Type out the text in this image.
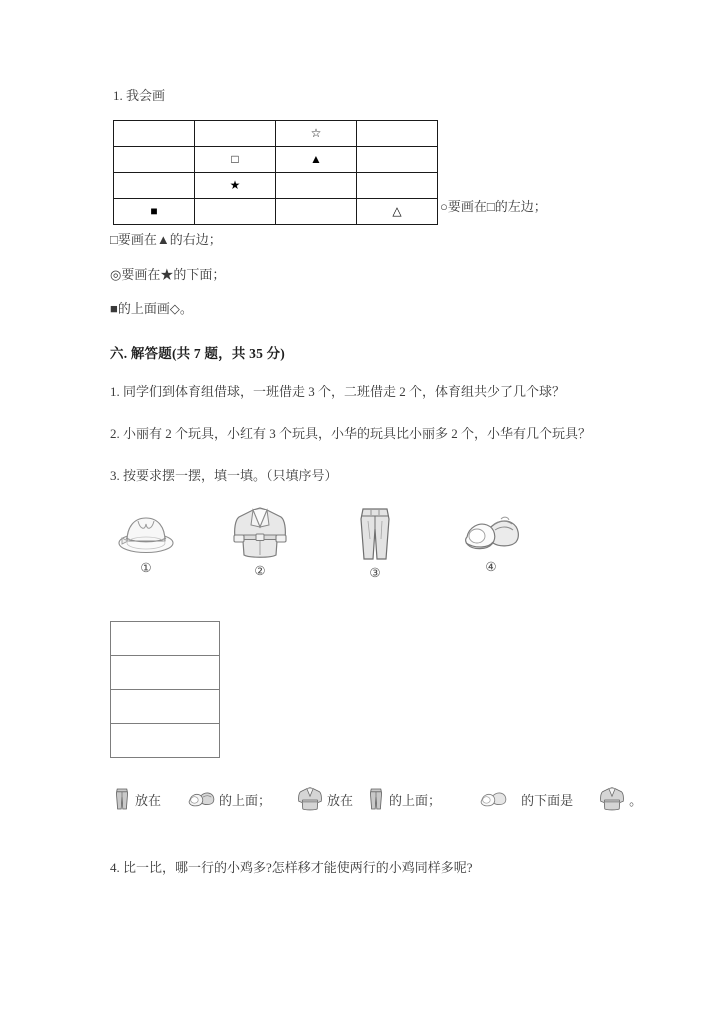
1. 我会画
		☆	
	□	▲	
	★		
■			△	○要画在□的左边；
□要画在▲的右边；
◎要画在★的下面；
■的上面画◇。
六. 解答题(共 7 题，共 35 分)
1. 同学们到体育组借球，一班借走 3 个，二班借走 2 个，体育组共少了几个球？
2. 小丽有 2 个玩具，小红有 3 个玩具，小华的玩具比小丽多 2 个，小华有几个玩具？
3. 按要求摆一摆，填一填。（只填序号）
①	②	③	④

放在	的上面；	放在	的上面；	的下面是	。
4. 比一比，哪一行的小鸡多?怎样移才能使两行的小鸡同样多呢?
